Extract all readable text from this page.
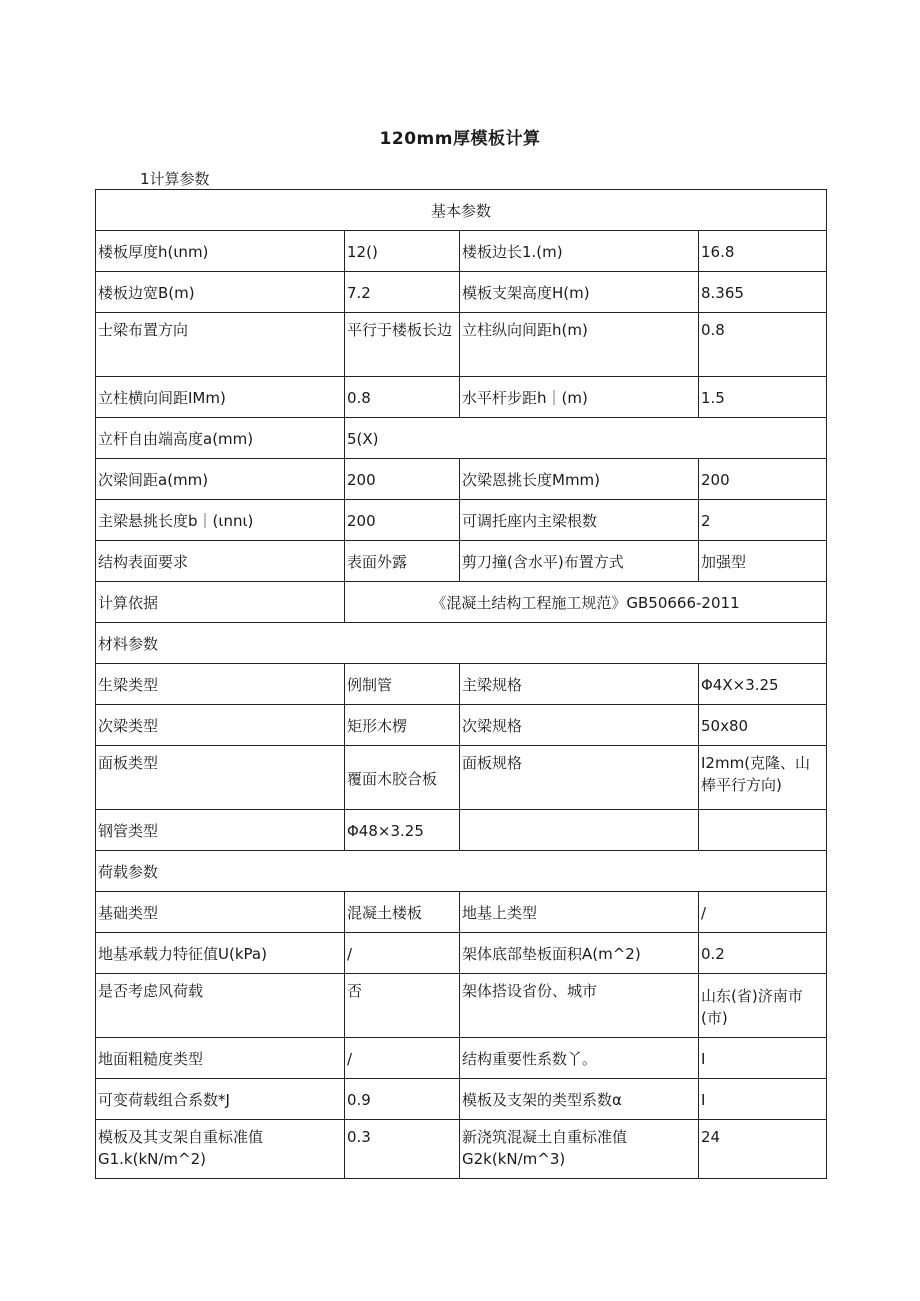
120mm厚模板计算
1计算参数
基本参数			
楼板厚度h(ιnm)	12()	楼板边长1.(m)	16.8
楼板边宽B(m)	7.2	模板支架高度H(m)	8.365
士梁布置方向	平行于楼板长边	立柱纵向间距h(m)	0.8
立柱横向间距IMm)	0.8	水平杆步距h｜(m)	1.5
立杆自由端高度a(mm)	5(X)		
次梁间距a(mm)	200	次梁恩挑长度Mmm)	200
主梁悬挑长度b｜(ιnnι)	200	可调托座内主梁根数	2
结构表面要求	表面外露	剪刀撞(含水平)布置方式	加强型
计算依据	《混凝土结构工程施工规范》GB50666-2011		
材料参数			
生梁类型	例制管	主梁规格	Φ4X×3.25
次梁类型	矩形木楞	次梁规格	50x80
面板类型	覆面木胶合板	面板规格	I2mm(克隆、山棒平行方向)
钢管类型	Φ48×3.25		
荷载参数			
基础类型	混凝土楼板	地基上类型	/
地基承载力特征值U(kPa)	/	架体底部垫板面积A(m^2)	0.2
是否考虑风荷载	否	架体搭设省份、城市	山东(省)济南市(市)
地面粗糙度类型	/	结构重要性系数丫。	I
可变荷载组合系数*J	0.9	模板及支架的类型系数α	I
模板及其支架自重标准值G1.k(kN∕m^2)	0.3	新浇筑混凝土自重标准值G2k(kN∕m^3)	24
